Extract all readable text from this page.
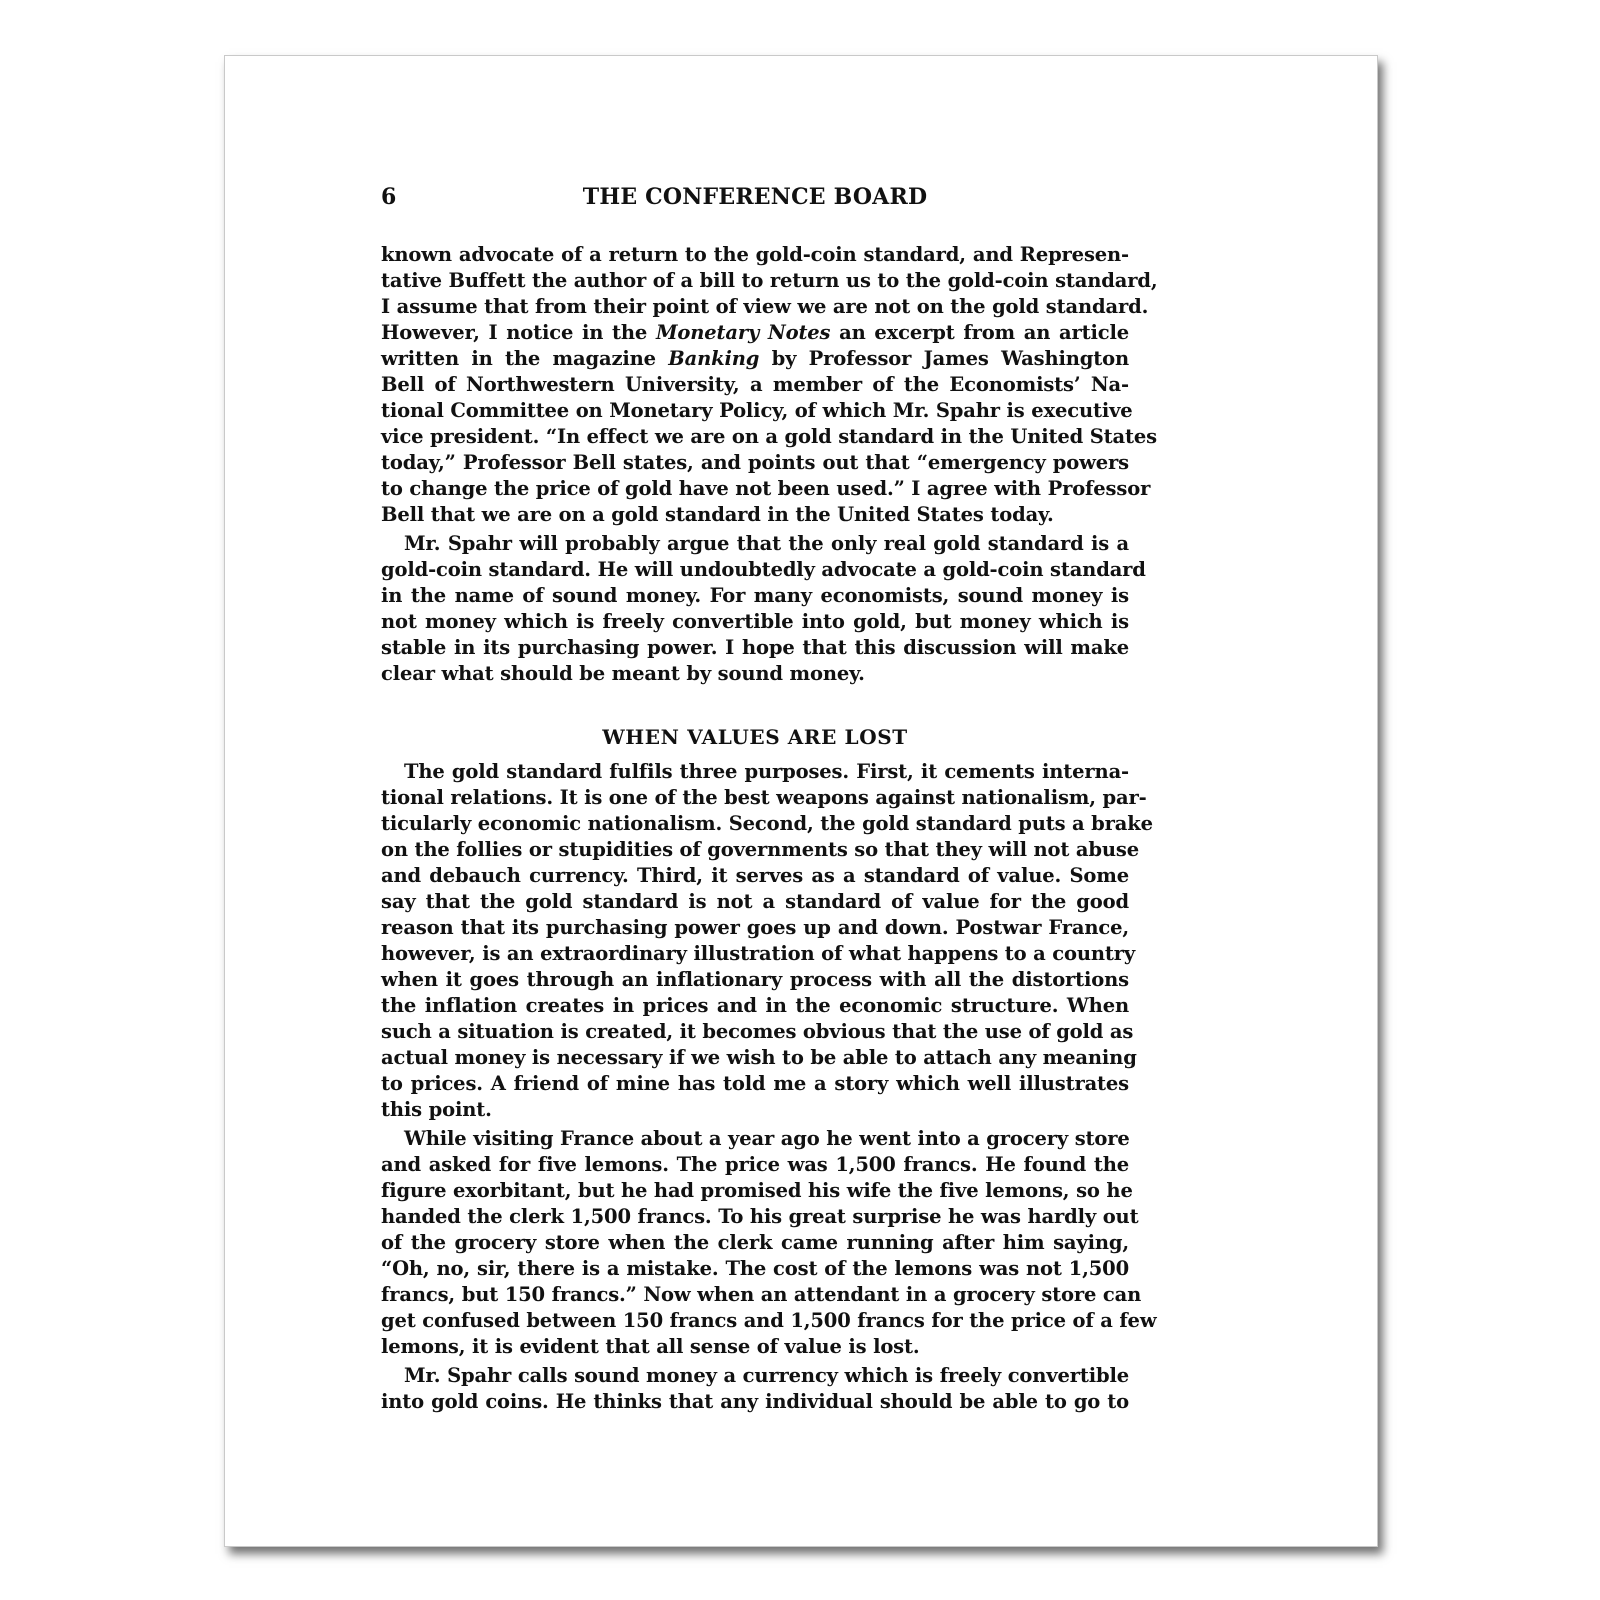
6	THE CONFERENCE BOARD
known advocate of a return to the gold-coin standard, and Represen-
tative Buffett the author of a bill to return us to the gold-coin standard,
I assume that from their point of view we are not on the gold standard.
However, I notice in the Monetary Notes an excerpt from an article
written in the magazine Banking by Professor James Washington
Bell of Northwestern University, a member of the Economists’ Na-
tional Committee on Monetary Policy, of which Mr. Spahr is executive
vice president. “In effect we are on a gold standard in the United States
today,” Professor Bell states, and points out that “emergency powers
to change the price of gold have not been used.” I agree with Professor
Bell that we are on a gold standard in the United States today.
Mr. Spahr will probably argue that the only real gold standard is a
gold-coin standard. He will undoubtedly advocate a gold-coin standard
in the name of sound money. For many economists, sound money is
not money which is freely convertible into gold, but money which is
stable in its purchasing power. I hope that this discussion will make
clear what should be meant by sound money.
WHEN VALUES ARE LOST
The gold standard fulfils three purposes. First, it cements interna-
tional relations. It is one of the best weapons against nationalism, par-
ticularly economic nationalism. Second, the gold standard puts a brake
on the follies or stupidities of governments so that they will not abuse
and debauch currency. Third, it serves as a standard of value. Some
say that the gold standard is not a standard of value for the good
reason that its purchasing power goes up and down. Postwar France,
however, is an extraordinary illustration of what happens to a country
when it goes through an inflationary process with all the distortions
the inflation creates in prices and in the economic structure. When
such a situation is created, it becomes obvious that the use of gold as
actual money is necessary if we wish to be able to attach any meaning
to prices. A friend of mine has told me a story which well illustrates
this point.
While visiting France about a year ago he went into a grocery store
and asked for five lemons. The price was 1,500 francs. He found the
figure exorbitant, but he had promised his wife the five lemons, so he
handed the clerk 1,500 francs. To his great surprise he was hardly out
of the grocery store when the clerk came running after him saying,
“Oh, no, sir, there is a mistake. The cost of the lemons was not 1,500
francs, but 150 francs.” Now when an attendant in a grocery store can
get confused between 150 francs and 1,500 francs for the price of a few
lemons, it is evident that all sense of value is lost.
Mr. Spahr calls sound money a currency which is freely convertible
into gold coins. He thinks that any individual should be able to go to
